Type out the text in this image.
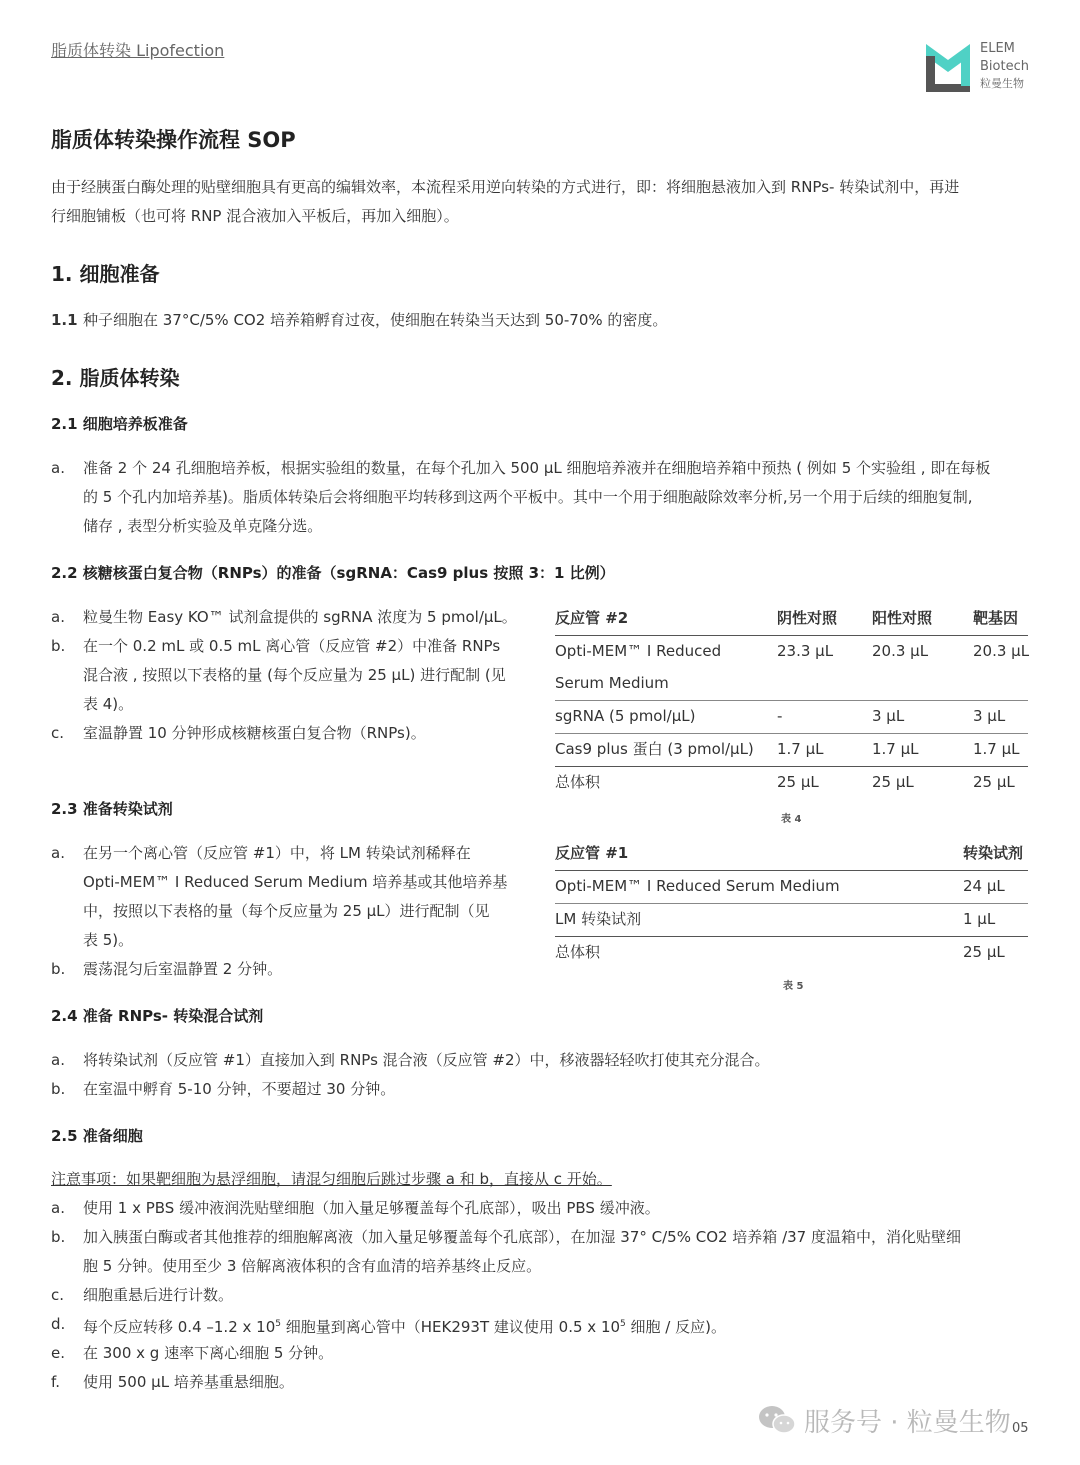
脂质体转染 Lipofection	ELEM
Biotech
粒曼生物
脂质体转染操作流程 SOP
由于经胰蛋白酶处理的贴壁细胞具有更高的编辑效率，本流程采用逆向转染的方式进行，即：将细胞悬液加入到 RNPs- 转染试剂中，再进
行细胞铺板（也可将 RNP 混合液加入平板后，再加入细胞）。
1. 细胞准备
1.1 种子细胞在 37°C/5% CO2 培养箱孵育过夜，使细胞在转染当天达到 50-70% 的密度。
2. 脂质体转染
2.1 细胞培养板准备
a.	准备 2 个 24 孔细胞培养板，根据实验组的数量，在每个孔加入 500 μL 细胞培养液并在细胞培养箱中预热 ( 例如 5 个实验组 , 即在每板
的 5 个孔内加培养基)。脂质体转染后会将细胞平均转移到这两个平板中。其中一个用于细胞敲除效率分析,另一个用于后续的细胞复制,
储存 , 表型分析实验及单克隆分选。
2.2 核糖核蛋白复合物（RNPs）的准备（sgRNA：Cas9 plus 按照 3：1 比例）
a.	粒曼生物 Easy KO™ 试剂盒提供的 sgRNA 浓度为 5 pmol/μL。
b.	在一个 0.2 mL 或 0.5 mL 离心管（反应管 #2）中准备 RNPs
混合液 , 按照以下表格的量 (每个反应量为 25 μL) 进行配制 (见
表 4)。
c.	室温静置 10 分钟形成核糖核蛋白复合物（RNPs)。
反应管 #2	阴性对照 阳性对照	靶基因
Opti-MEM™ I Reduced	23.3 μL	20.3 μL	20.3 μL
Serum Medium
sgRNA (5 pmol/μL)	-	3 μL	3 μL
Cas9 plus 蛋白 (3 pmol/μL) 1.7 μL	1.7 μL	1.7 μL
总体积	25 μL	25 μL	25 μL
表 4
2.3 准备转染试剂
a.	在另一个离心管（反应管 #1）中，将 LM 转染试剂稀释在
Opti-MEM™ I Reduced Serum Medium 培养基或其他培养基
中，按照以下表格的量（每个反应量为 25 μL）进行配制（见
表 5)。
b.	震荡混匀后室温静置 2 分钟。
反应管 #1	转染试剂
Opti-MEM™ I Reduced Serum Medium	24 μL
LM 转染试剂	1 μL
总体积	25 μL
表 5
2.4 准备 RNPs- 转染混合试剂
a.	将转染试剂（反应管 #1）直接加入到 RNPs 混合液（反应管 #2）中，移液器轻轻吹打使其充分混合。
b.	在室温中孵育 5-10 分钟，不要超过 30 分钟。
2.5 准备细胞
注意事项：如果靶细胞为悬浮细胞，请混匀细胞后跳过步骤 a 和 b，直接从 c 开始。
a.	使用 1 x PBS 缓冲液润洗贴壁细胞（加入量足够覆盖每个孔底部），吸出 PBS 缓冲液。
b.	加入胰蛋白酶或者其他推荐的细胞解离液（加入量足够覆盖每个孔底部），在加湿 37° C/5% CO2 培养箱 /37 度温箱中，消化贴壁细
胞 5 分钟。使用至少 3 倍解离液体积的含有血清的培养基终止反应。
c.	细胞重悬后进行计数。
d.	每个反应转移 0.4 –1.2 x $10^5$ 细胞量到离心管中（HEK293T 建议使用 0.5 x $10^5$ 细胞 / 反应)。
e.	在 300 x g 速率下离心细胞 5 分钟。
f.	使用 500 μL 培养基重悬细胞。
服务号 · 粒曼生物 05
